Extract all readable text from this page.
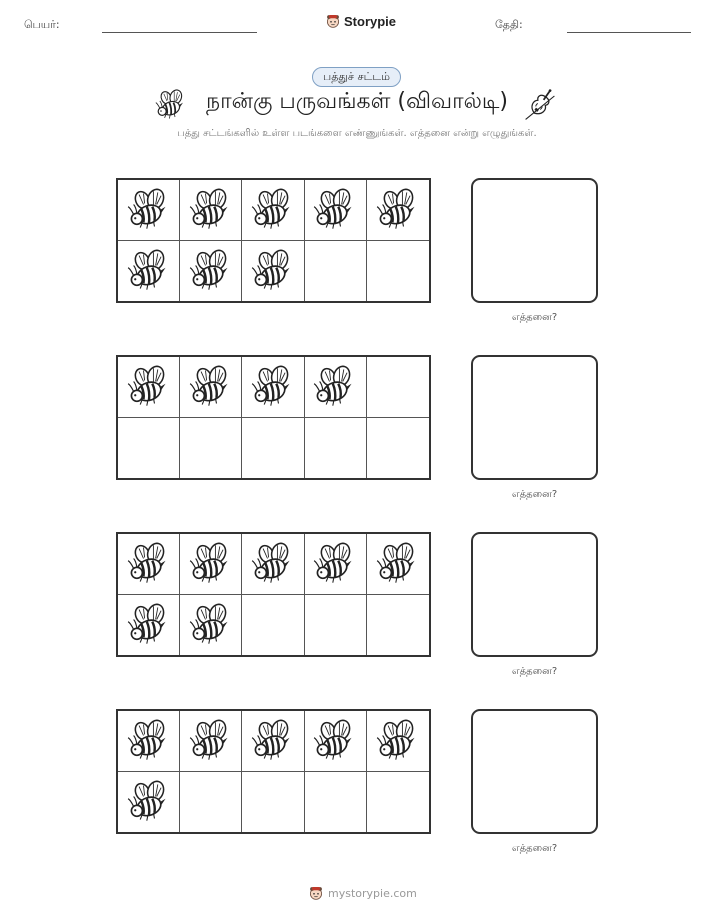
பெயர்:	Storypie	தேதி:
பத்துச் சட்டம்
நான்கு பருவங்கள் (விவால்டி)
பத்து சட்டங்களில் உள்ள படங்களை எண்ணுங்கள். எத்தனை என்று எழுதுங்கள்.
எத்தனை?
எத்தனை?
எத்தனை?
எத்தனை?
mystorypie.com
